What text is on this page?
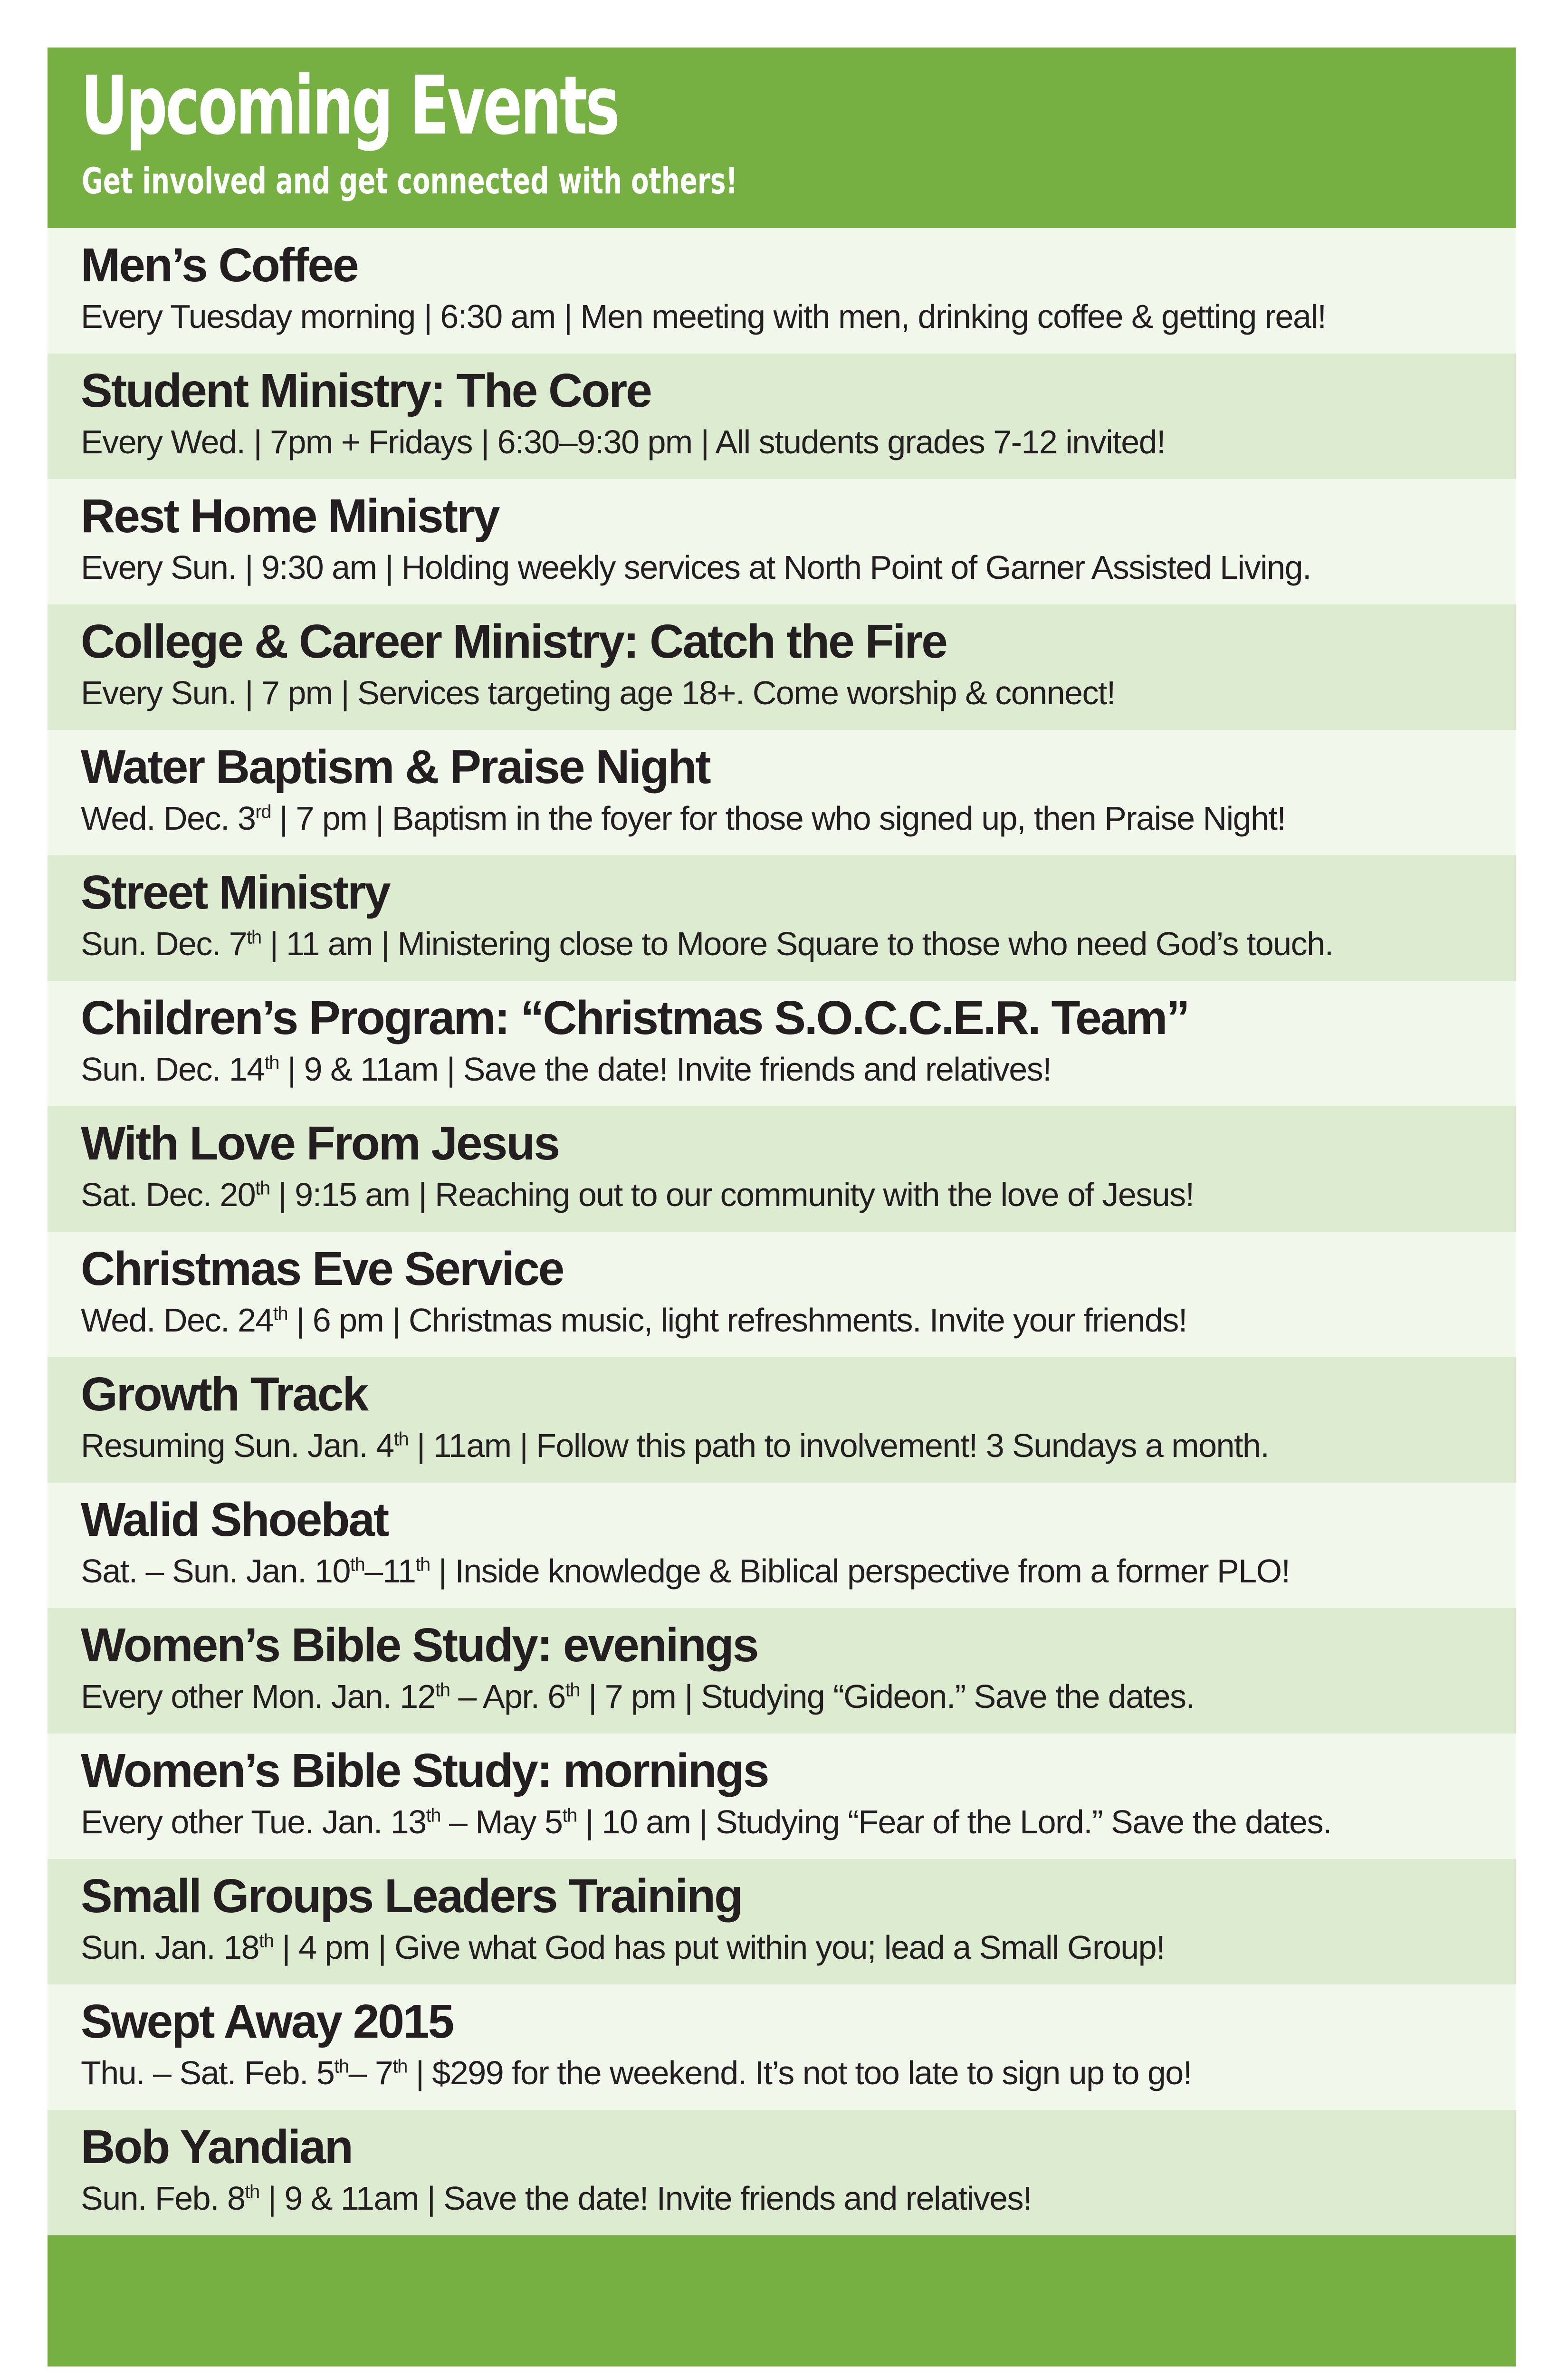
Upcoming Events

Get involved and get connected with others!

Men’s Coffee
Every Tuesday morning | 6:30 am | Men meeting with men, drinking coffee & getting real!
Student Ministry: The Core
Every Wed. | 7pm + Fridays | 6:30–9:30 pm | All students grades 7-12 invited!
Rest Home Ministry
Every Sun. | 9:30 am | Holding weekly services at North Point of Garner Assisted Living.
College & Career Ministry: Catch the Fire
Every Sun. | 7 pm | Services targeting age 18+. Come worship & connect!
Water Baptism & Praise Night
Wed. Dec. 3rd | 7 pm | Baptism in the foyer for those who signed up, then Praise Night!
Street Ministry
Sun. Dec. 7th | 11 am | Ministering close to Moore Square to those who need God’s touch.
Children’s Program: “Christmas S.O.C.C.E.R. Team”
Sun. Dec. 14th | 9 & 11am | Save the date! Invite friends and relatives!
With Love From Jesus
Sat. Dec. 20th | 9:15 am | Reaching out to our community with the love of Jesus!
Christmas Eve Service
Wed. Dec. 24th | 6 pm | Christmas music, light refreshments. Invite your friends!
Growth Track
Resuming Sun. Jan. 4th | 11am | Follow this path to involvement! 3 Sundays a month.
Walid Shoebat
Sat. – Sun. Jan. 10th–11th | Inside knowledge & Biblical perspective from a former PLO!
Women’s Bible Study: evenings
Every other Mon. Jan. 12th – Apr. 6th | 7 pm | Studying “Gideon.” Save the dates.
Women’s Bible Study: mornings
Every other Tue. Jan. 13th – May 5th | 10 am | Studying “Fear of the Lord.” Save the dates.
Small Groups Leaders Training
Sun. Jan. 18th | 4 pm | Give what God has put within you; lead a Small Group!
Swept Away 2015
Thu. – Sat. Feb. 5th– 7th | $299 for the weekend. It’s not too late to sign up to go!
Bob Yandian
Sun. Feb. 8th | 9 & 11am | Save the date! Invite friends and relatives!
